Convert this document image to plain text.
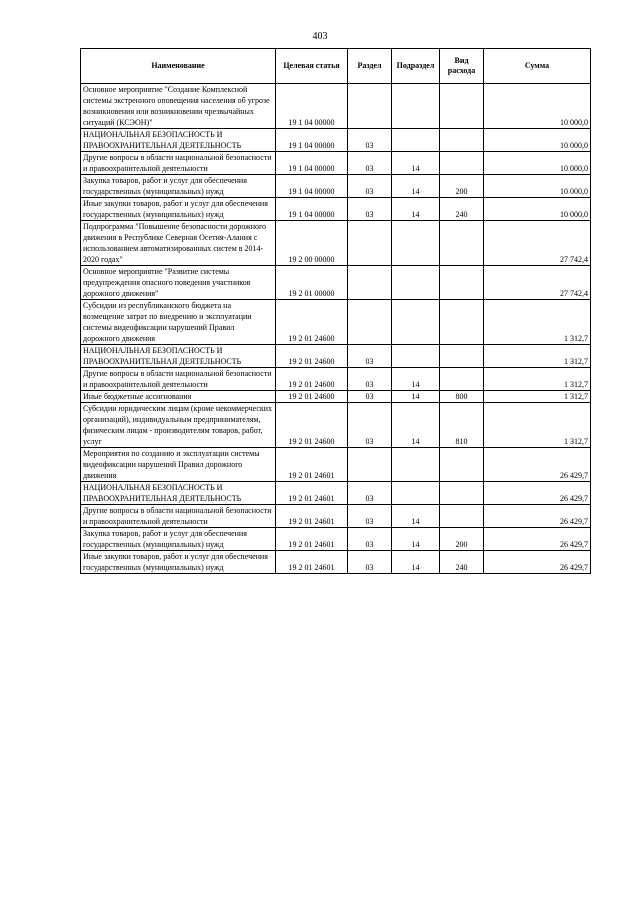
403
Наименование	Целевая статья	Раздел	Подраздел	Вид расхода	Сумма
Основное мероприятие "Создание Комплексной системы экстренного оповещения населения об угрозе возникновения или возникновении чрезвычайных ситуаций (КСЭОН)"	19 1 04 00000				10 000,0
НАЦИОНАЛЬНАЯ БЕЗОПАСНОСТЬ И ПРАВООХРАНИТЕЛЬНАЯ ДЕЯТЕЛЬНОСТЬ	19 1 04 00000	03			10 000,0
Другие вопросы в области национальной безопасности и правоохранительной деятельности	19 1 04 00000	03	14		10 000,0
Закупка товаров, работ и услуг для обеспечения государственных (муниципальных) нужд	19 1 04 00000	03	14	200	10 000,0
Иные закупки товаров, работ и услуг для обеспечения государственных (муниципальных) нужд	19 1 04 00000	03	14	240	10 000,0
Подпрограмма "Повышение безопасности дорожного движения в Республике Северная Осетия-Алания с использованием автоматизированных систем в 2014-2020 годах"	19 2 00 00000				27 742,4
Основное мероприятие "Развитие системы предупреждения опасного поведения участников дорожного движения"	19 2 01 00000				27 742,4
Субсидии из республиканского бюджета на возмещение затрат по внедрению и эксплуатации системы видеофиксации нарушений Правил дорожного движения	19 2 01 24600				1 312,7
НАЦИОНАЛЬНАЯ БЕЗОПАСНОСТЬ И ПРАВООХРАНИТЕЛЬНАЯ ДЕЯТЕЛЬНОСТЬ	19 2 01 24600	03			1 312,7
Другие вопросы в области национальной безопасности и правоохранительной деятельности	19 2 01 24600	03	14		1 312,7
Иные бюджетные ассигнования	19 2 01 24600	03	14	800	1 312,7
Субсидии юридическим лицам (кроме некоммерческих организаций), индивидуальным предпринимателям, физическим лицам - производителям товаров, работ, услуг	19 2 01 24600	03	14	810	1 312,7
Мероприятия по созданию и эксплуатации системы видеофиксации нарушений Правил дорожного движения	19 2 01 24601				26 429,7
НАЦИОНАЛЬНАЯ БЕЗОПАСНОСТЬ И ПРАВООХРАНИТЕЛЬНАЯ ДЕЯТЕЛЬНОСТЬ	19 2 01 24601	03			26 429,7
Другие вопросы в области национальной безопасности и правоохранительной деятельности	19 2 01 24601	03	14		26 429,7
Закупка товаров, работ и услуг для обеспечения государственных (муниципальных) нужд	19 2 01 24601	03	14	200	26 429,7
Иные закупки товаров, работ и услуг для обеспечения государственных (муниципальных) нужд	19 2 01 24601	03	14	240	26 429,7
